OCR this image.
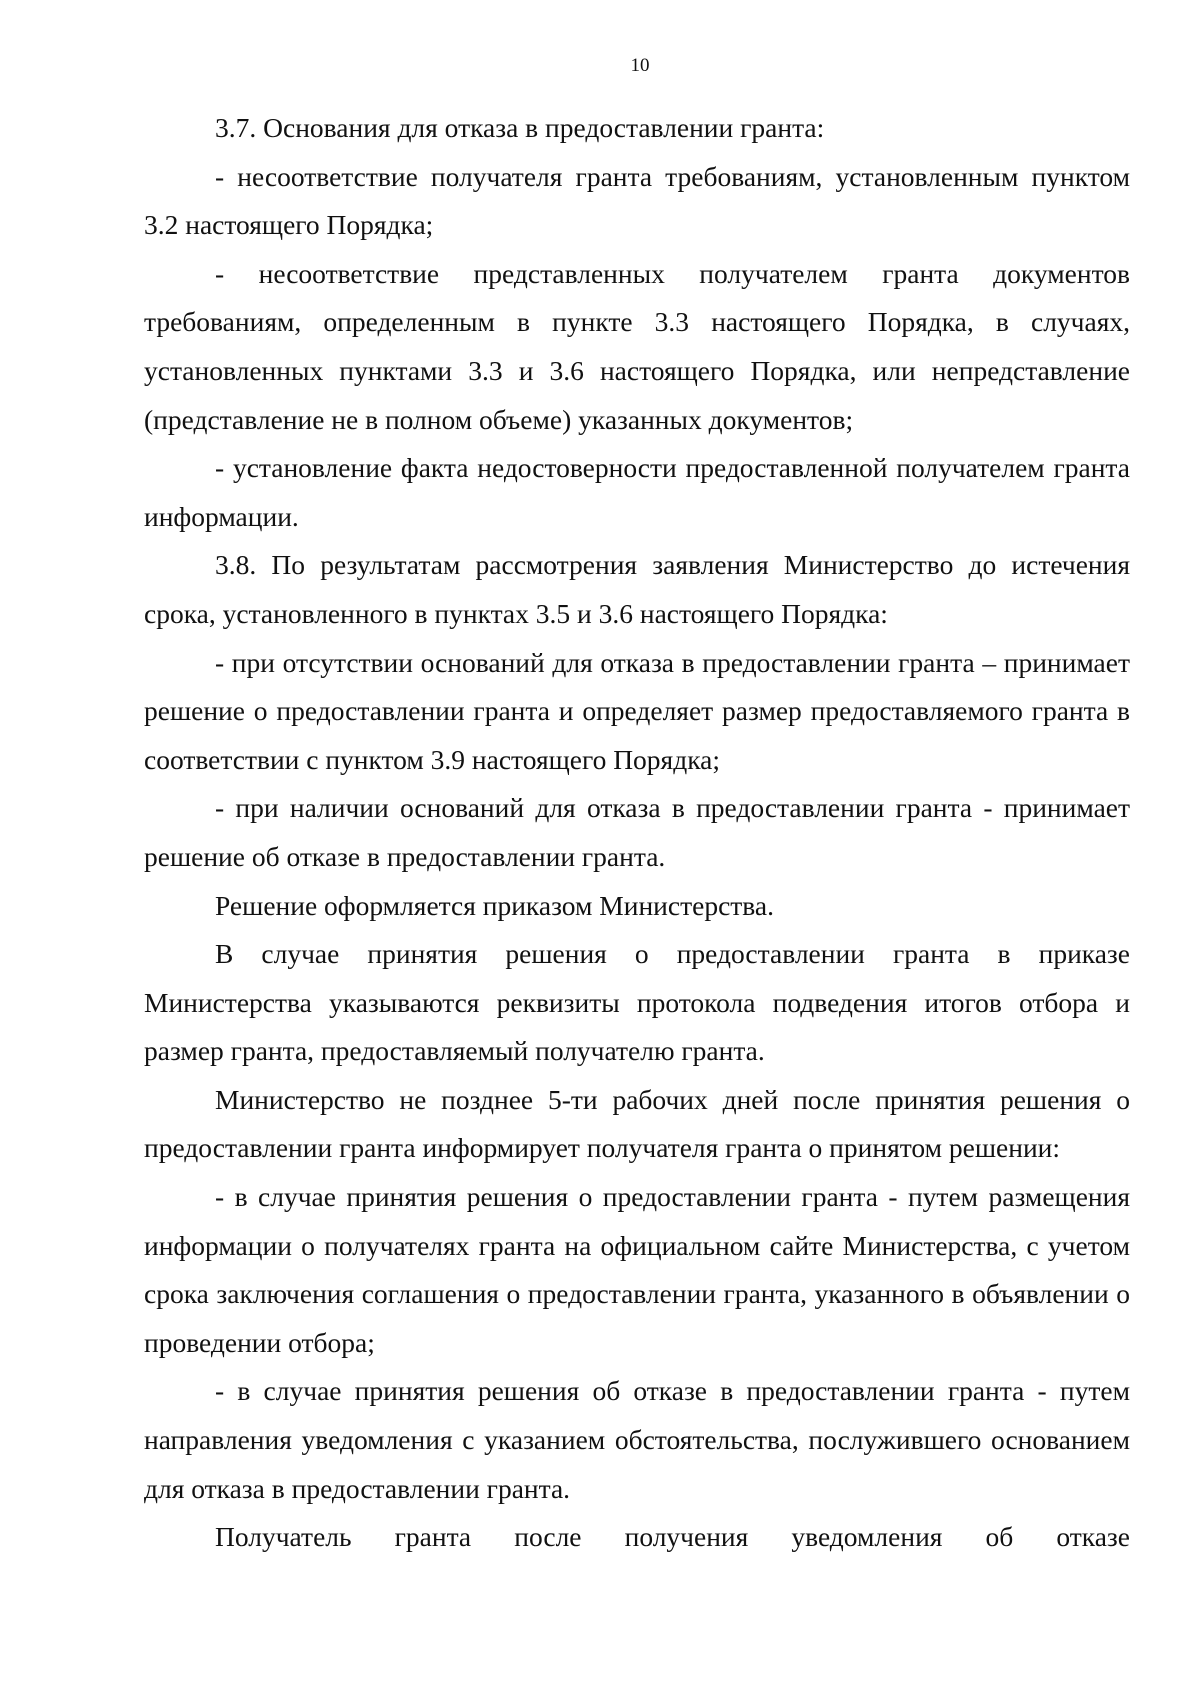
10

3.7. Основания для отказа в предоставлении гранта:

- несоответствие получателя гранта требованиям, установленным пунктом 3.2 настоящего Порядка;

- несоответствие представленных получателем гранта документов требованиям, определенным в пункте 3.3 настоящего Порядка, в случаях, установленных пунктами 3.3 и 3.6 настоящего Порядка, или непредставление (представление не в полном объеме) указанных документов;

- установление факта недостоверности предоставленной получателем гранта информации.

3.8. По результатам рассмотрения заявления Министерство до истечения срока, установленного в пунктах 3.5 и 3.6 настоящего Порядка:

- при отсутствии оснований для отказа в предоставлении гранта – принимает решение о предоставлении гранта и определяет размер предоставляемого гранта в соответствии с пунктом 3.9 настоящего Порядка;

- при наличии оснований для отказа в предоставлении гранта - принимает решение об отказе в предоставлении гранта.

Решение оформляется приказом Министерства.

В случае принятия решения о предоставлении гранта в приказе Министерства указываются реквизиты протокола подведения итогов отбора и размер гранта, предоставляемый получателю гранта.

Министерство не позднее 5-ти рабочих дней после принятия решения о предоставлении гранта информирует получателя гранта о принятом решении:

- в случае принятия решения о предоставлении гранта - путем размещения информации о получателях гранта на официальном сайте Министерства, с учетом срока заключения соглашения о предоставлении гранта, указанного в объявлении о проведении отбора;

- в случае принятия решения об отказе в предоставлении гранта - путем направления уведомления с указанием обстоятельства, послужившего основанием для отказа в предоставлении гранта.

Получатель гранта после получения уведомления об отказе
